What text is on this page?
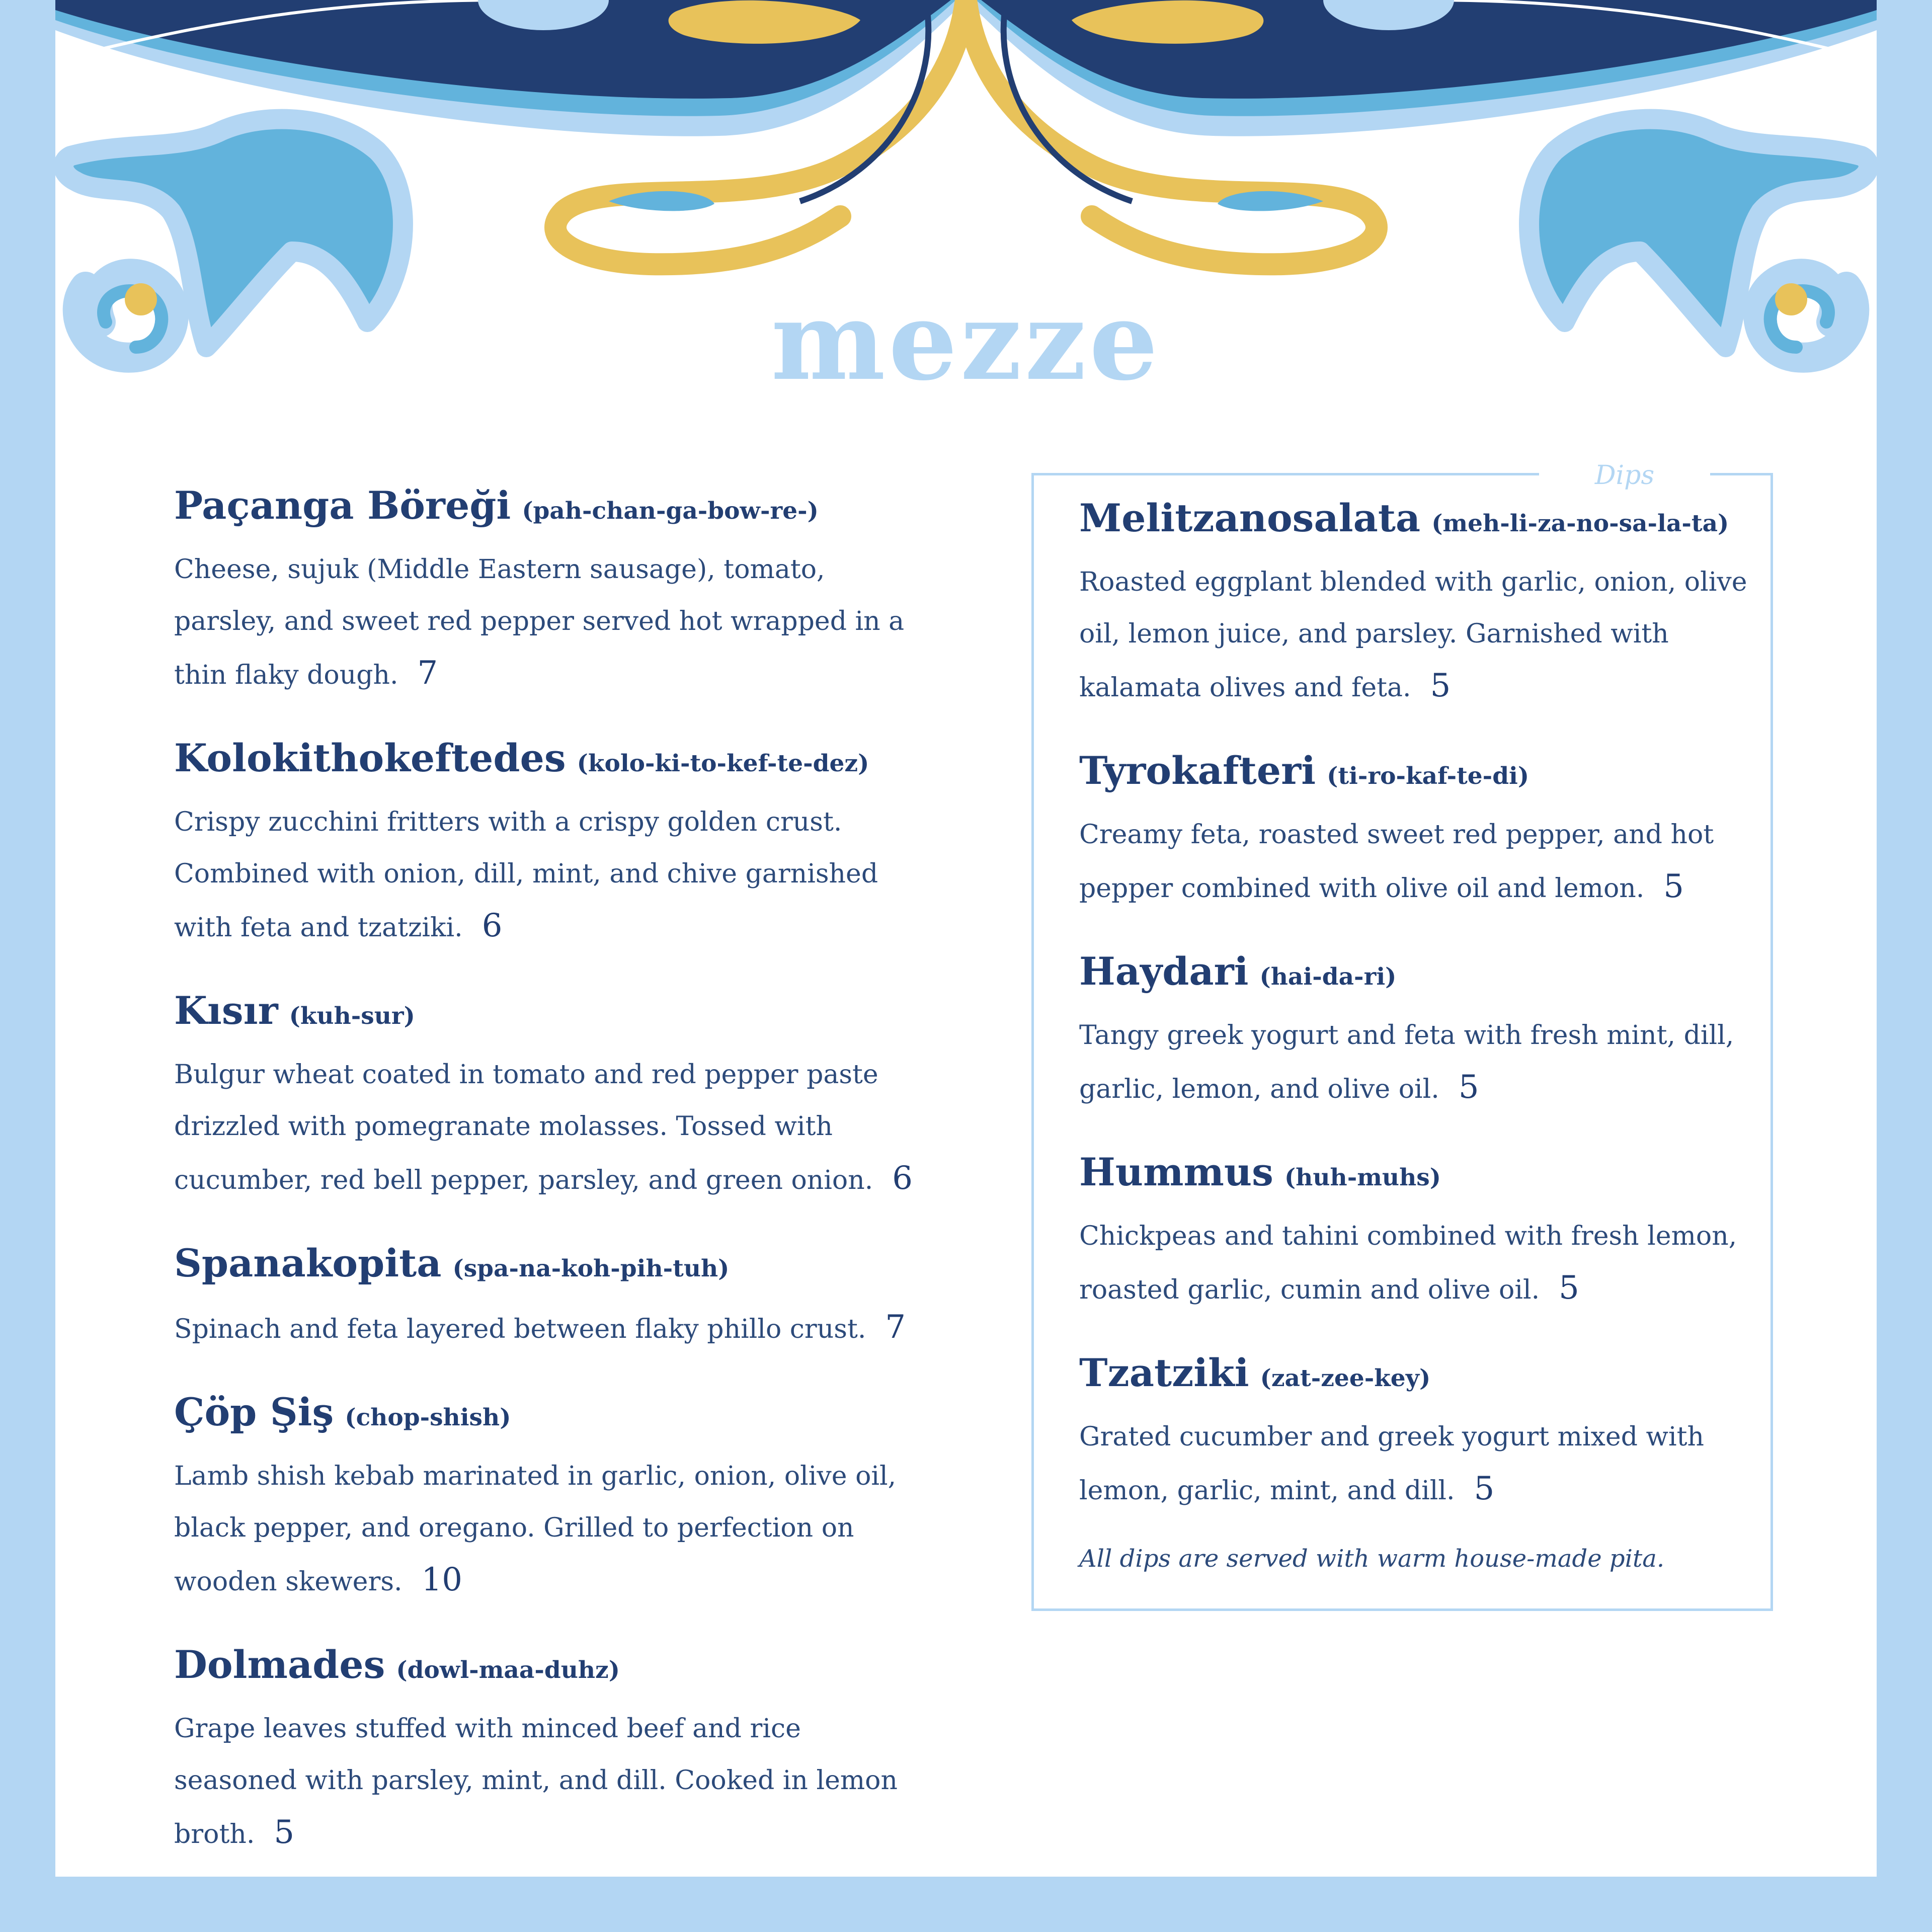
mezze
Paçanga Böreği (pah-chan-ga-bow-re-)

Cheese, sujuk (Middle Eastern sausage), tomato, parsley, and sweet red pepper served hot wrapped in a thin flaky dough. 7

Kolokithokeftedes (kolo-ki-to-kef-te-dez)

Crispy zucchini fritters with a crispy golden crust. Combined with onion, dill, mint, and chive garnished with feta and tzatziki. 6

Kısır (kuh-sur)

Bulgur wheat coated in tomato and red pepper paste drizzled with pomegranate molasses. Tossed with cucumber, red bell pepper, parsley, and green onion. 6

Spanakopita (spa-na-koh-pih-tuh)

Spinach and feta layered between flaky phillo crust. 7

Çöp Şiş (chop-shish)

Lamb shish kebab marinated in garlic, onion, olive oil, black pepper, and oregano. Grilled to perfection on wooden skewers. 10

Dolmades (dowl-maa-duhz)

Grape leaves stuffed with minced beef and rice seasoned with parsley, mint, and dill. Cooked in lemon broth. 5

Dips
Melitzanosalata (meh-li-za-no-sa-la-ta)

Roasted eggplant blended with garlic, onion, olive oil, lemon juice, and parsley. Garnished with kalamata olives and feta. 5

Tyrokafteri (ti-ro-kaf-te-di)

Creamy feta, roasted sweet red pepper, and hot pepper combined with olive oil and lemon. 5

Haydari (hai-da-ri)

Tangy greek yogurt and feta with fresh mint, dill, garlic, lemon, and olive oil. 5

Hummus (huh-muhs)

Chickpeas and tahini combined with fresh lemon, roasted garlic, cumin and olive oil. 5

Tzatziki (zat-zee-key)

Grated cucumber and greek yogurt mixed with lemon, garlic, mint, and dill. 5

All dips are served with warm house-made pita.
